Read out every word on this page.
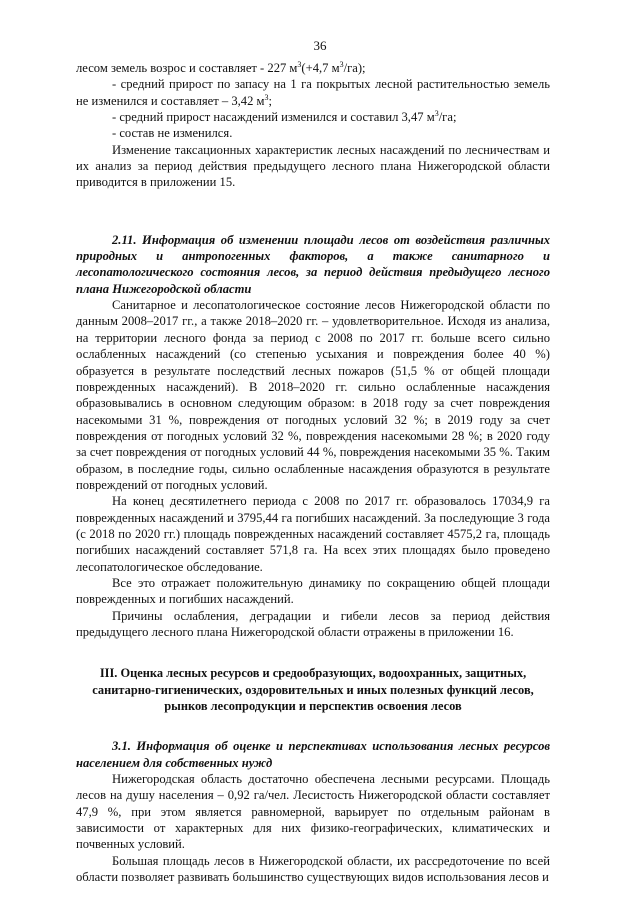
36

лесом земель возрос и составляет - 227 $м^3(+4,7$ $м^3/га$);

- средний прирост по запасу на 1 га покрытых лесной растительностью земель не изменился и составляет – 3,42 $м^3$;

- средний прирост насаждений изменился и составил 3,47 $м^3/га$;

- состав не изменился.

Изменение таксационных характеристик лесных насаждений по лесничествам и их анализ за период действия предыдущего лесного плана Нижегородской области приводится в приложении 15.

2.11. Информация об изменении площади лесов от воздействия различных природных и антропогенных факторов, а также санитарного и лесопатологического состояния лесов, за период действия предыдущего лесного плана Нижегородской области

Санитарное и лесопатологическое состояние лесов Нижегородской области по данным 2008–2017 гг., а также 2018–2020 гг. – удовлетворительное. Исходя из анализа, на территории лесного фонда за период с 2008 по 2017 гг. больше всего сильно ослабленных насаждений (со степенью усыхания и повреждения более 40 %) образуется в результате последствий лесных пожаров (51,5 % от общей площади поврежденных насаждений). В 2018–2020 гг. сильно ослабленные насаждения образовывались в основном следующим образом: в 2018 году за счет повреждения насекомыми 31 %, повреждения от погодных условий 32 %; в 2019 году за счет повреждения от погодных условий 32 %, повреждения насекомыми 28 %; в 2020 году за счет повреждения от погодных условий 44 %, повреждения насекомыми 35 %. Таким образом, в последние годы, сильно ослабленные насаждения образуются в результате повреждений от погодных условий.

На конец десятилетнего периода с 2008 по 2017 гг. образовалось 17034,9 га поврежденных насаждений и 3795,44 га погибших насаждений. За последующие 3 года (с 2018 по 2020 гг.) площадь поврежденных насаждений составляет 4575,2 га, площадь погибших насаждений составляет 571,8 га. На всех этих площадях было проведено лесопатологическое обследование.

Все это отражает положительную динамику по сокращению общей площади поврежденных и погибших насаждений.

Причины ослабления, деградации и гибели лесов за период действия предыдущего лесного плана Нижегородской области отражены в приложении 16.

III. Оценка лесных ресурсов и средообразующих, водоохранных, защитных, санитарно-гигиенических, оздоровительных и иных полезных функций лесов, рынков лесопродукции и перспектив освоения лесов

3.1. Информация об оценке и перспективах использования лесных ресурсов населением для собственных нужд

Нижегородская область достаточно обеспечена лесными ресурсами. Площадь лесов на душу населения – 0,92 га/чел. Лесистость Нижегородской области составляет 47,9 %, при этом является равномерной, варьирует по отдельным районам в зависимости от характерных для них физико-географических, климатических и почвенных условий.

Большая площадь лесов в Нижегородской области, их рассредоточение по всей области позволяет развивать большинство существующих видов использования лесов и
